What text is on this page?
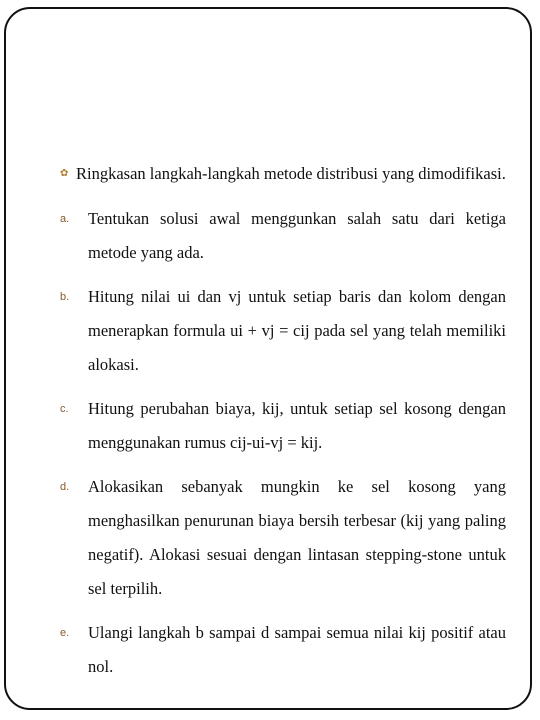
✿ Ringkasan langkah-langkah metode distribusi yang dimodifikasi.
a.	Tentukan solusi awal menggunkan salah satu dari ketiga metode yang ada.
b.	Hitung nilai ui dan vj untuk setiap baris dan kolom dengan menerapkan formula ui + vj = cij pada sel yang telah memiliki alokasi.
c.	Hitung perubahan biaya, kij, untuk setiap sel kosong dengan menggunakan rumus cij-ui-vj = kij.
d.	Alokasikan sebanyak mungkin ke sel kosong yang menghasilkan penurunan biaya bersih terbesar (kij yang paling negatif). Alokasi sesuai dengan lintasan stepping-stone untuk sel terpilih.
e.	Ulangi langkah b sampai d sampai semua nilai kij positif atau nol.
